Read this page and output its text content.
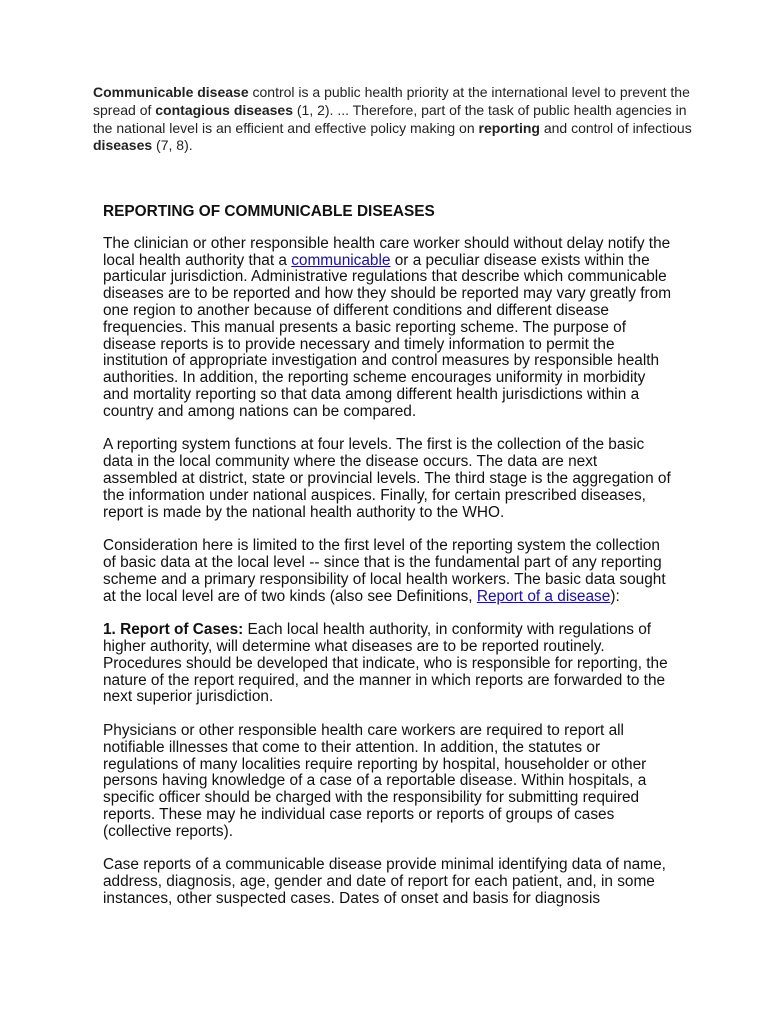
Communicable disease control is a public health priority at the international level to prevent the spread of contagious diseases (1, 2). ... Therefore, part of the task of public health agencies in the national level is an efficient and effective policy making on reporting and control of infectious diseases (7, 8).

REPORTING OF COMMUNICABLE DISEASES

The clinician or other responsible health care worker should without delay notify the local health authority that a communicable or a peculiar disease exists within the particular jurisdiction. Administrative regulations that describe which communicable diseases are to be reported and how they should be reported may vary greatly from one region to another because of different conditions and different disease frequencies. This manual presents a basic reporting scheme. The purpose of disease reports is to provide necessary and timely information to permit the institution of appropriate investigation and control measures by responsible health authorities. In addition, the reporting scheme encourages uniformity in morbidity and mortality reporting so that data among different health jurisdictions within a country and among nations can be compared.

A reporting system functions at four levels. The first is the collection of the basic data in the local community where the disease occurs. The data are next assembled at district, state or provincial levels. The third stage is the aggregation of the information under national auspices. Finally, for certain prescribed diseases, report is made by the national health authority to the WHO.

Consideration here is limited to the first level of the reporting system the collection of basic data at the local level -- since that is the fundamental part of any reporting scheme and a primary responsibility of local health workers. The basic data sought at the local level are of two kinds (also see Definitions, Report of a disease):

1. Report of Cases: Each local health authority, in conformity with regulations of higher authority, will determine what diseases are to be reported routinely. Procedures should be developed that indicate, who is responsible for reporting, the nature of the report required, and the manner in which reports are forwarded to the next superior jurisdiction.

Physicians or other responsible health care workers are required to report all notifiable illnesses that come to their attention. In addition, the statutes or regulations of many localities require reporting by hospital, householder or other persons having knowledge of a case of a reportable disease. Within hospitals, a specific officer should be charged with the responsibility for submitting required reports. These may he individual case reports or reports of groups of cases (collective reports).

Case reports of a communicable disease provide minimal identifying data of name, address, diagnosis, age, gender and date of report for each patient, and, in some instances, other suspected cases. Dates of onset and basis for diagnosis
